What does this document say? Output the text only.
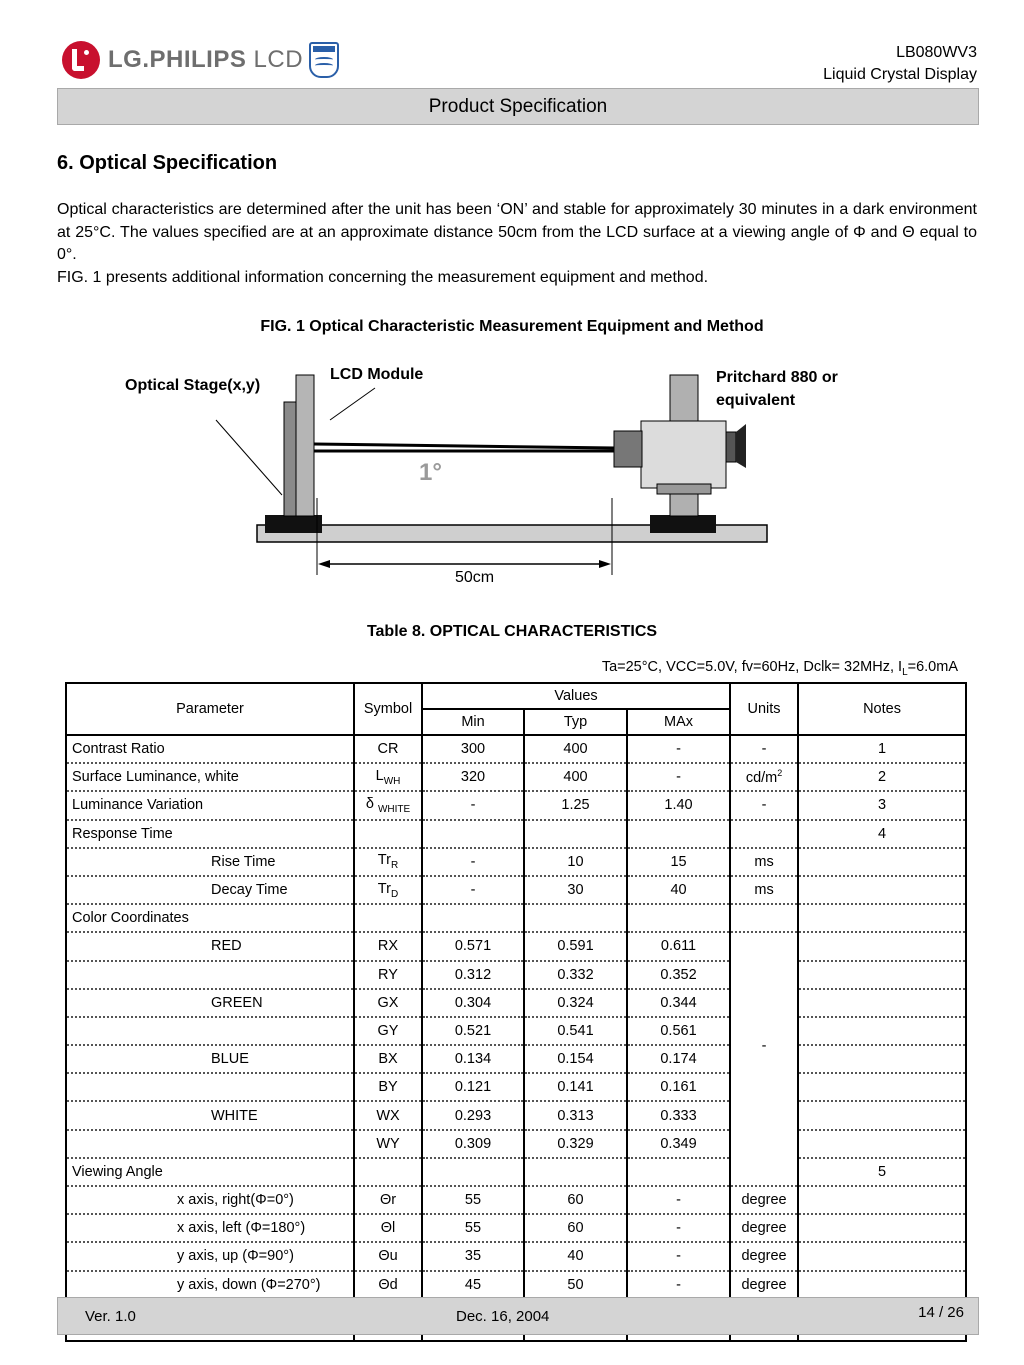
LG.PHILIPS LCD	LB080WV3
Liquid Crystal Display
Product Specification
6. Optical Specification

Optical characteristics are determined after the unit has been ‘ON’ and stable for approximately 30 minutes in a dark environment at 25°C. The values specified are at an approximate distance 50cm from the LCD surface at a viewing angle of Φ and Θ equal to 0°.

FIG. 1 presents additional information concerning the measurement equipment and method.

FIG. 1 Optical Characteristic Measurement Equipment and Method
1°
Optical Stage(x,y)
LCD Module	Pritchard 880 or
equivalent
50cm
Table 8. OPTICAL CHARACTERISTICS
Ta=25°C, VCC=5.0V, fv=60Hz, Dclk= 32MHz, $I_L=6.0mA$
Parameter	Symbol	Values			Units	Notes
		Min	Typ	MAx		
Contrast Ratio	CR	300	400	-	-	1
Surface Luminance, white	$L_{WH}$	320	400	-	$cd/m^2$	2
Luminance Variation	δ $_{WHITE}$	-	1.25	1.40	-	3
Response Time						4
Rise Time	$Tr_R$	-	10	15	ms	
Decay Time	$Tr_D$	-	30	40	ms	
Color Coordinates						
RED	RX	0.571	0.591	0.611	-	
	RY	0.312	0.332	0.352		
GREEN	GX	0.304	0.324	0.344		
	GY	0.521	0.541	0.561		
BLUE	BX	0.134	0.154	0.174		
	BY	0.121	0.141	0.161		
WHITE	WX	0.293	0.313	0.333		
	WY	0.309	0.329	0.349		
Viewing Angle						5
x axis, right(Φ=0°)	Θr	55	60	-	degree	
x axis, left (Φ=180°)	Θl	55	60	-	degree	
y axis, up (Φ=90°)	Θu	35	40	-	degree	
y axis, down (Φ=270°)	Θd	45	50	-	degree	

Ver. 1.0	Dec. 16, 2004	14 / 26
